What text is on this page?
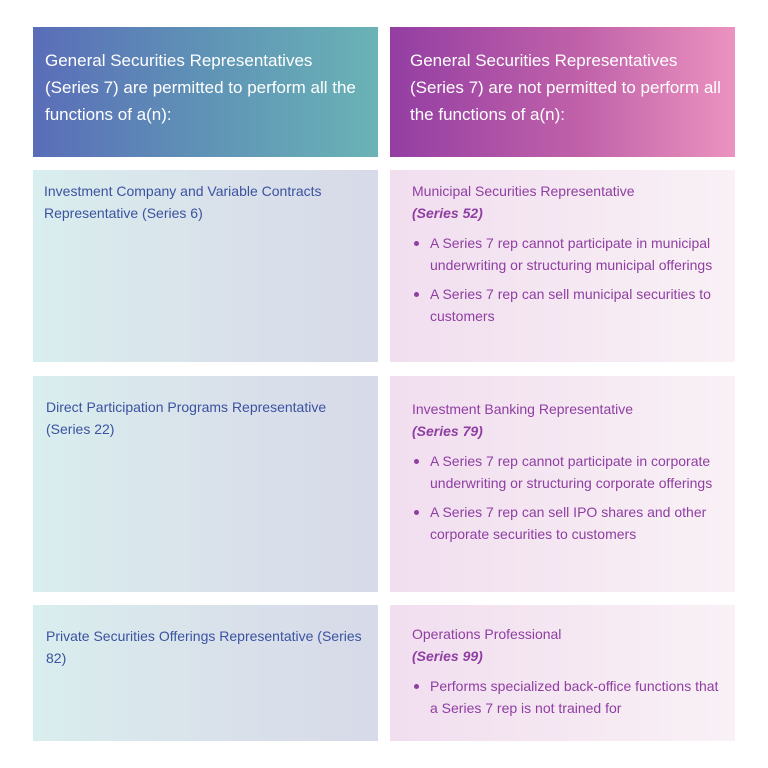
General Securities Representatives (Series 7) are permitted to perform all the functions of a(n):
General Securities Representatives (Series 7) are not permitted to perform all the functions of a(n):
Investment Company and Variable Contracts Representative (Series 6)
Municipal Securities Representative
(Series 52)
A Series 7 rep cannot participate in municipal underwriting or structuring municipal offerings
A Series 7 rep can sell municipal securities to customers
Direct Participation Programs Representative (Series 22)
Investment Banking Representative
(Series 79)
A Series 7 rep cannot participate in corporate underwriting or structuring corporate offerings
A Series 7 rep can sell IPO shares and other corporate securities to customers
Private Securities Offerings Representative (Series 82)
Operations Professional
(Series 99)
Performs specialized back-office functions that a Series 7 rep is not trained for
